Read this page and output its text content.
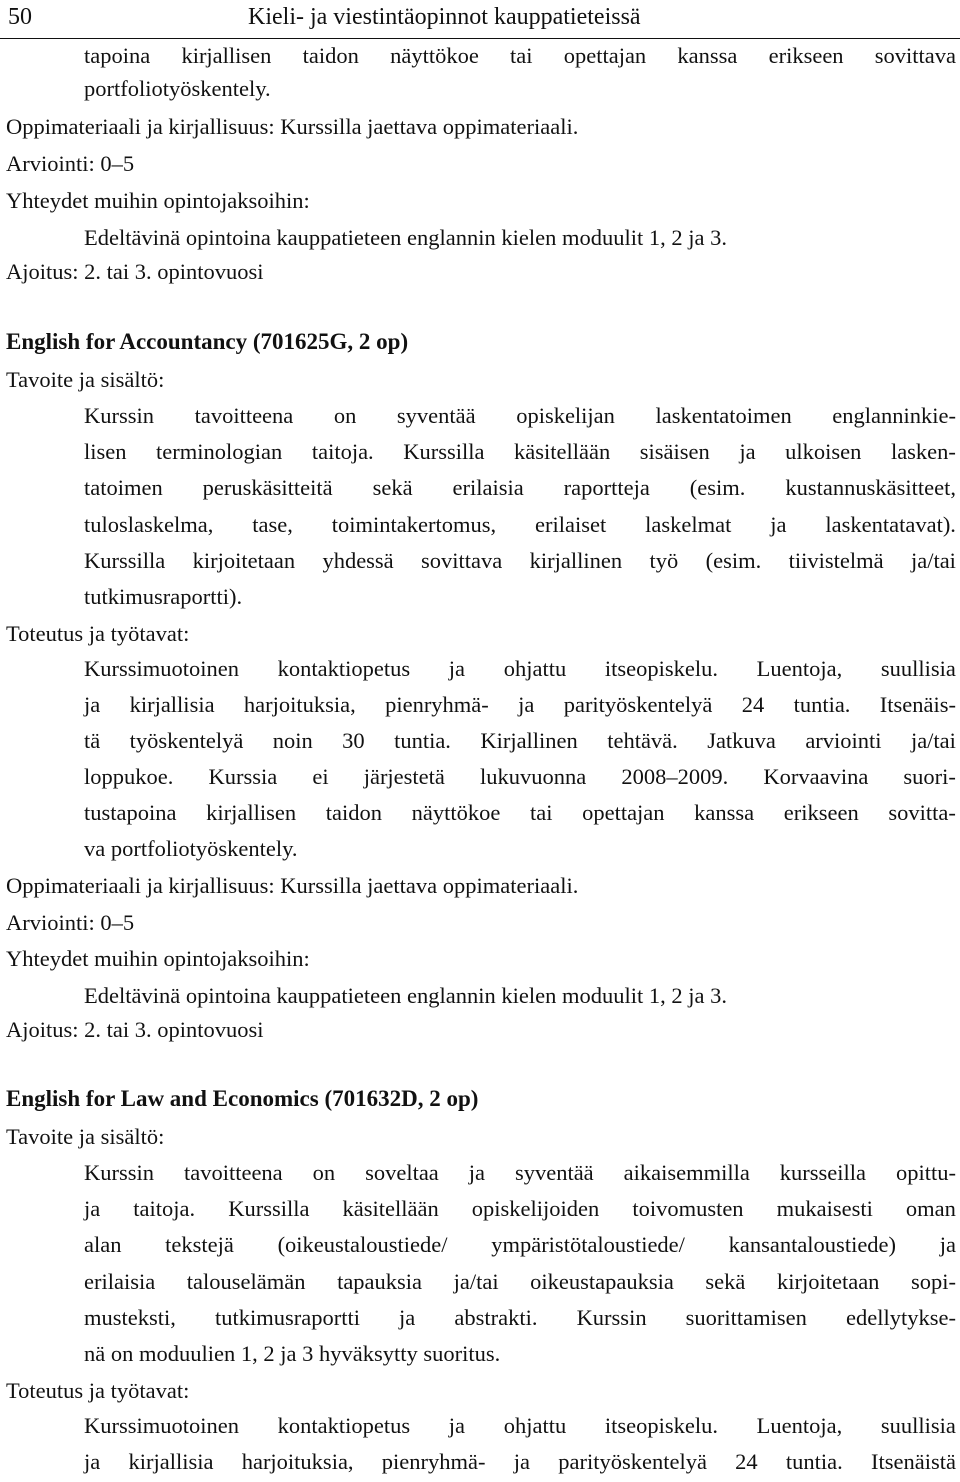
50	Kieli- ja viestintäopinnot kauppatieteissä
tapoina kirjallisen taidon näyttökoe tai opettajan kanssa erikseen sovittava
portfoliotyöskentely.
Oppimateriaali ja kirjallisuus: Kurssilla jaettava oppimateriaali.
Arviointi: 0–5
Yhteydet muihin opintojaksoihin:
Edeltävinä opintoina kauppatieteen englannin kielen moduulit 1, 2 ja 3.
Ajoitus: 2. tai 3. opintovuosi
English for Accountancy (701625G, 2 op)
Tavoite ja sisältö:
Kurssin tavoitteena on syventää opiskelijan laskentatoimen englanninkie-
lisen terminologian taitoja. Kurssilla käsitellään sisäisen ja ulkoisen lasken-
tatoimen peruskäsitteitä sekä erilaisia raportteja (esim. kustannuskäsitteet,
tuloslaskelma, tase, toimintakertomus, erilaiset laskelmat ja laskentatavat).
Kurssilla kirjoitetaan yhdessä sovittava kirjallinen työ (esim. tiivistelmä ja/tai
tutkimusraportti).
Toteutus ja työtavat:
Kurssimuotoinen kontaktiopetus ja ohjattu itseopiskelu. Luentoja, suullisia
ja kirjallisia harjoituksia, pienryhmä- ja parityöskentelyä 24 tuntia. Itsenäis-
tä työskentelyä noin 30 tuntia. Kirjallinen tehtävä. Jatkuva arviointi ja/tai
loppukoe. Kurssia ei järjestetä lukuvuonna 2008–2009. Korvaavina suori-
tustapoina kirjallisen taidon näyttökoe tai opettajan kanssa erikseen sovitta-
va portfoliotyöskentely.
Oppimateriaali ja kirjallisuus: Kurssilla jaettava oppimateriaali.
Arviointi: 0–5
Yhteydet muihin opintojaksoihin:
Edeltävinä opintoina kauppatieteen englannin kielen moduulit 1, 2 ja 3.
Ajoitus: 2. tai 3. opintovuosi
English for Law and Economics (701632D, 2 op)
Tavoite ja sisältö:
Kurssin tavoitteena on soveltaa ja syventää aikaisemmilla kursseilla opittu-
ja taitoja. Kurssilla käsitellään opiskelijoiden toivomusten mukaisesti oman
alan tekstejä (oikeustaloustiede/ ympäristötaloustiede/ kansantaloustiede) ja
erilaisia talouselämän tapauksia ja/tai oikeustapauksia sekä kirjoitetaan sopi-
musteksti, tutkimusraportti ja abstrakti. Kurssin suorittamisen edellytykse-
nä on moduulien 1, 2 ja 3 hyväksytty suoritus.
Toteutus ja työtavat:
Kurssimuotoinen kontaktiopetus ja ohjattu itseopiskelu. Luentoja, suullisia
ja kirjallisia harjoituksia, pienryhmä- ja parityöskentelyä 24 tuntia. Itsenäistä
